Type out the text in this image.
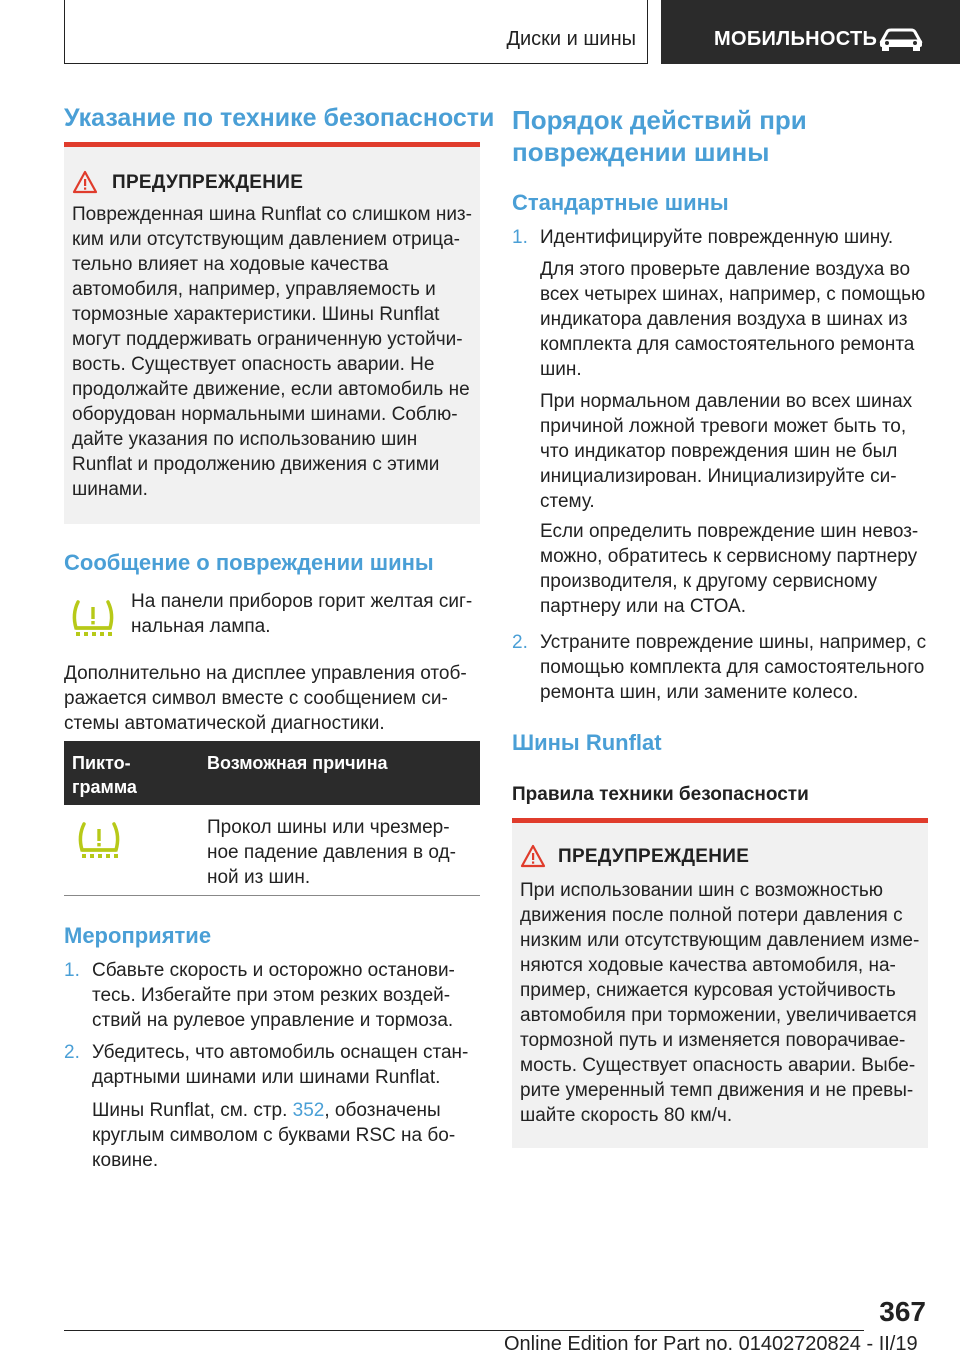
Диски и шины	МОБИЛЬНОСТЬ
Указание по технике безопасности
ПРЕДУПРЕЖДЕНИЕ
Поврежденная шина Runflat со слишком низ-
ким или отсутствующим давлением отрица-
тельно влияет на ходовые качества
автомобиля, например, управляемость и
тормозные характеристики. Шины Runflat
могут поддерживать ограниченную устойчи-
вость. Существует опасность аварии. Не
продолжайте движение, если автомобиль не
оборудован нормальными шинами. Соблю-
дайте указания по использованию шин
Runflat и продолжению движения с этими
шинами.
Сообщение о повреждении шины
На панели приборов горит желтая сиг-
нальная лампа.
Дополнительно на дисплее управления отоб-
ражается символ вместе с сообщением си-
стемы автоматической диагностики.
Пикто-
грамма
Возможная причина
Прокол шины или чрезмер-
ное падение давления в од-
ной из шин.
Мероприятие
1. Сбавьте скорость и осторожно останови-
тесь. Избегайте при этом резких воздей-
ствий на рулевое управление и тормоза.
2. Убедитесь, что автомобиль оснащен стан-
дартными шинами или шинами Runflat.
Шины Runflat, см. стр. 352, обозначены
круглым символом с буквами RSC на бо-
ковине.
Порядок действий при
повреждении шины
Стандартные шины
1. Идентифицируйте поврежденную шину.
Для этого проверьте давление воздуха во
всех четырех шинах, например, с помощью
индикатора давления воздуха в шинах из
комплекта для самостоятельного ремонта
шин.
При нормальном давлении во всех шинах
причиной ложной тревоги может быть то,
что индикатор повреждения шин не был
инициализирован. Инициализируйте си-
стему.
Если определить повреждение шин невоз-
можно, обратитесь к сервисному партнеру
производителя, к другому сервисному
партнеру или на СТОА.
2. Устраните повреждение шины, например, с
помощью комплекта для самостоятельного
ремонта шин, или замените колесо.
Шины Runflat
Правила техники безопасности
ПРЕДУПРЕЖДЕНИЕ
При использовании шин с возможностью
движения после полной потери давления с
низким или отсутствующим давлением изме-
няются ходовые качества автомобиля, на-
пример, снижается курсовая устойчивость
автомобиля при торможении, увеличивается
тормозной путь и изменяется поворачивае-
мость. Существует опасность аварии. Выбе-
рите умеренный темп движения и не превы-
шайте скорость 80 км/ч.
367
Online Edition for Part no. 01402720824 - II/19
